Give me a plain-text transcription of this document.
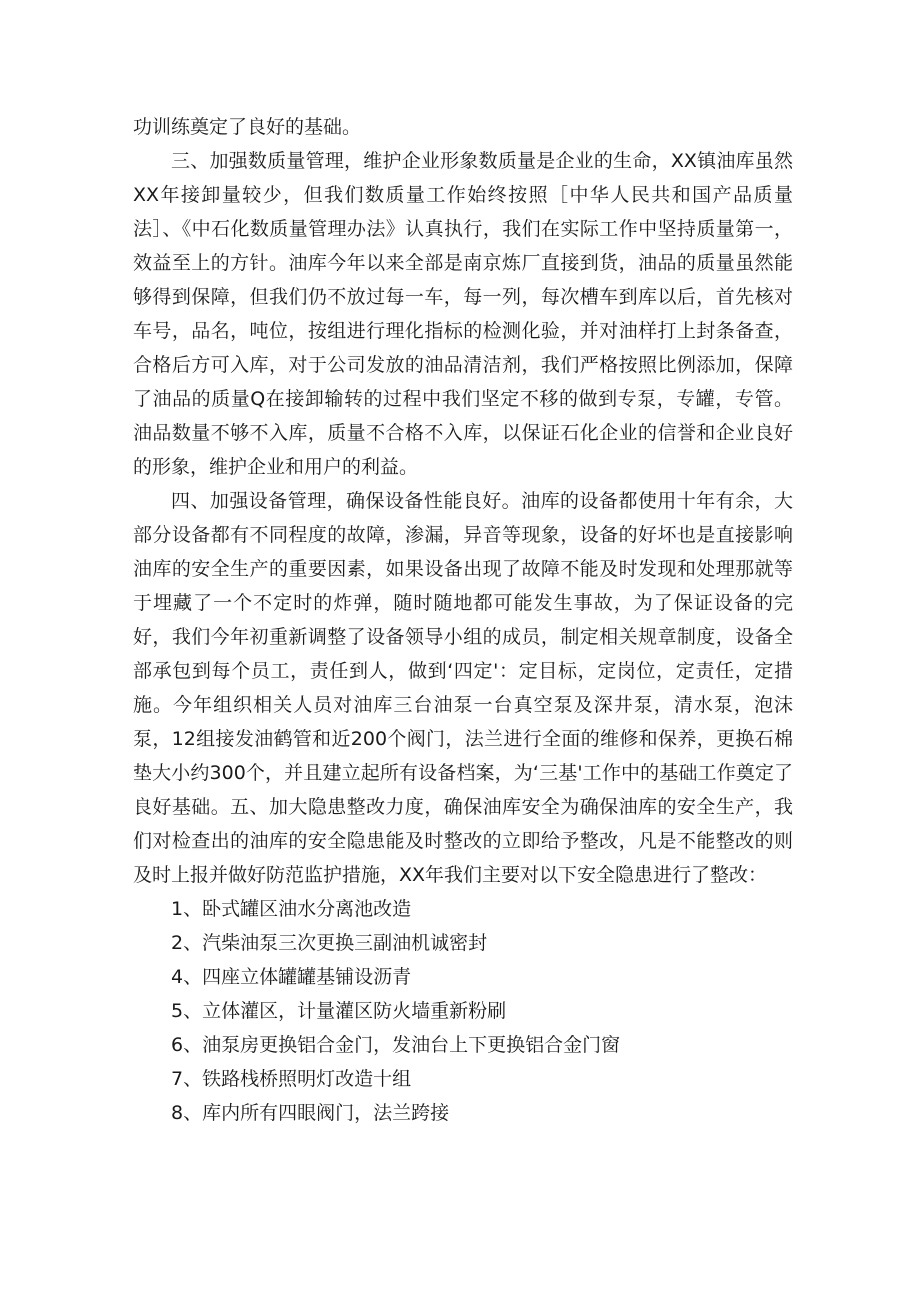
功训练奠定了良好的基础。

三、加强数质量管理，维护企业形象数质量是企业的生命，XX镇油库虽然XX年接卸量较少，但我们数质量工作始终按照［中华人民共和国产品质量法］、《中石化数质量管理办法》认真执行，我们在实际工作中坚持质量第一，效益至上的方针。油库今年以来全部是南京炼厂直接到货，油品的质量虽然能够得到保障，但我们仍不放过每一车，每一列，每次槽车到库以后，首先核对车号，品名，吨位，按组进行理化指标的检测化验，并对油样打上封条备查，合格后方可入库，对于公司发放的油品清洁剂，我们严格按照比例添加，保障了油品的质量Q在接卸输转的过程中我们坚定不移的做到专泵，专罐，专管。油品数量不够不入库，质量不合格不入库，以保证石化企业的信誉和企业良好的形象，维护企业和用户的利益。

四、加强设备管理，确保设备性能良好。油库的设备都使用十年有余，大部分设备都有不同程度的故障，渗漏，异音等现象，设备的好坏也是直接影响油库的安全生产的重要因素，如果设备出现了故障不能及时发现和处理那就等于埋藏了一个不定时的炸弹，随时随地都可能发生事故，为了保证设备的完好，我们今年初重新调整了设备领导小组的成员，制定相关规章制度，设备全部承包到每个员工，责任到人，做到‘四定'：定目标，定岗位，定责任，定措施。今年组织相关人员对油库三台油泵一台真空泵及深井泵，清水泵，泡沫泵，12组接发油鹤管和近200个阀门，法兰进行全面的维修和保养，更换石棉垫大小约300个，并且建立起所有设备档案，为‘三基'工作中的基础工作奠定了良好基础。五、加大隐患整改力度，确保油库安全为确保油库的安全生产，我们对检查出的油库的安全隐患能及时整改的立即给予整改，凡是不能整改的则及时上报并做好防范监护措施，XX年我们主要对以下安全隐患进行了整改：

1、卧式罐区油水分离池改造
2、汽柴油泵三次更换三副油机诚密封
4、四座立体罐罐基铺设沥青
5、立体灌区，计量灌区防火墙重新粉刷
6、油泵房更换铝合金门，发油台上下更换铝合金门窗
7、铁路栈桥照明灯改造十组
8、库内所有四眼阀门，法兰跨接
